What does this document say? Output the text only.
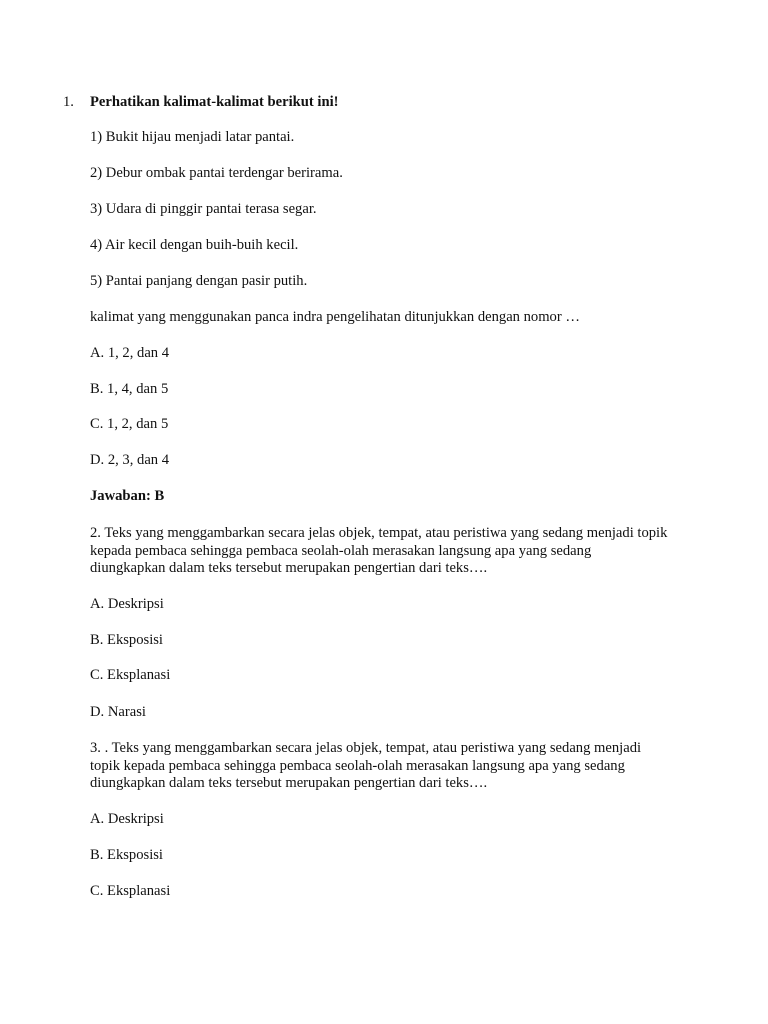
1. Perhatikan kalimat-kalimat berikut ini!

1) Bukit hijau menjadi latar pantai.

2) Debur ombak pantai terdengar berirama.

3) Udara di pinggir pantai terasa segar.

4) Air kecil dengan buih-buih kecil.

5) Pantai panjang dengan pasir putih.

kalimat yang menggunakan panca indra pengelihatan ditunjukkan dengan nomor …

A. 1, 2, dan 4

B. 1, 4, dan 5

C. 1, 2, dan 5

D. 2, 3, dan 4

Jawaban: B

2. Teks yang menggambarkan secara jelas objek, tempat, atau peristiwa yang sedang menjadi topik kepada pembaca sehingga pembaca seolah-olah merasakan langsung apa yang sedang diungkapkan dalam teks tersebut merupakan pengertian dari teks….

A. Deskripsi

B. Eksposisi

C. Eksplanasi

D. Narasi

3. . Teks yang menggambarkan secara jelas objek, tempat, atau peristiwa yang sedang menjadi topik kepada pembaca sehingga pembaca seolah-olah merasakan langsung apa yang sedang diungkapkan dalam teks tersebut merupakan pengertian dari teks….

A. Deskripsi

B. Eksposisi

C. Eksplanasi
